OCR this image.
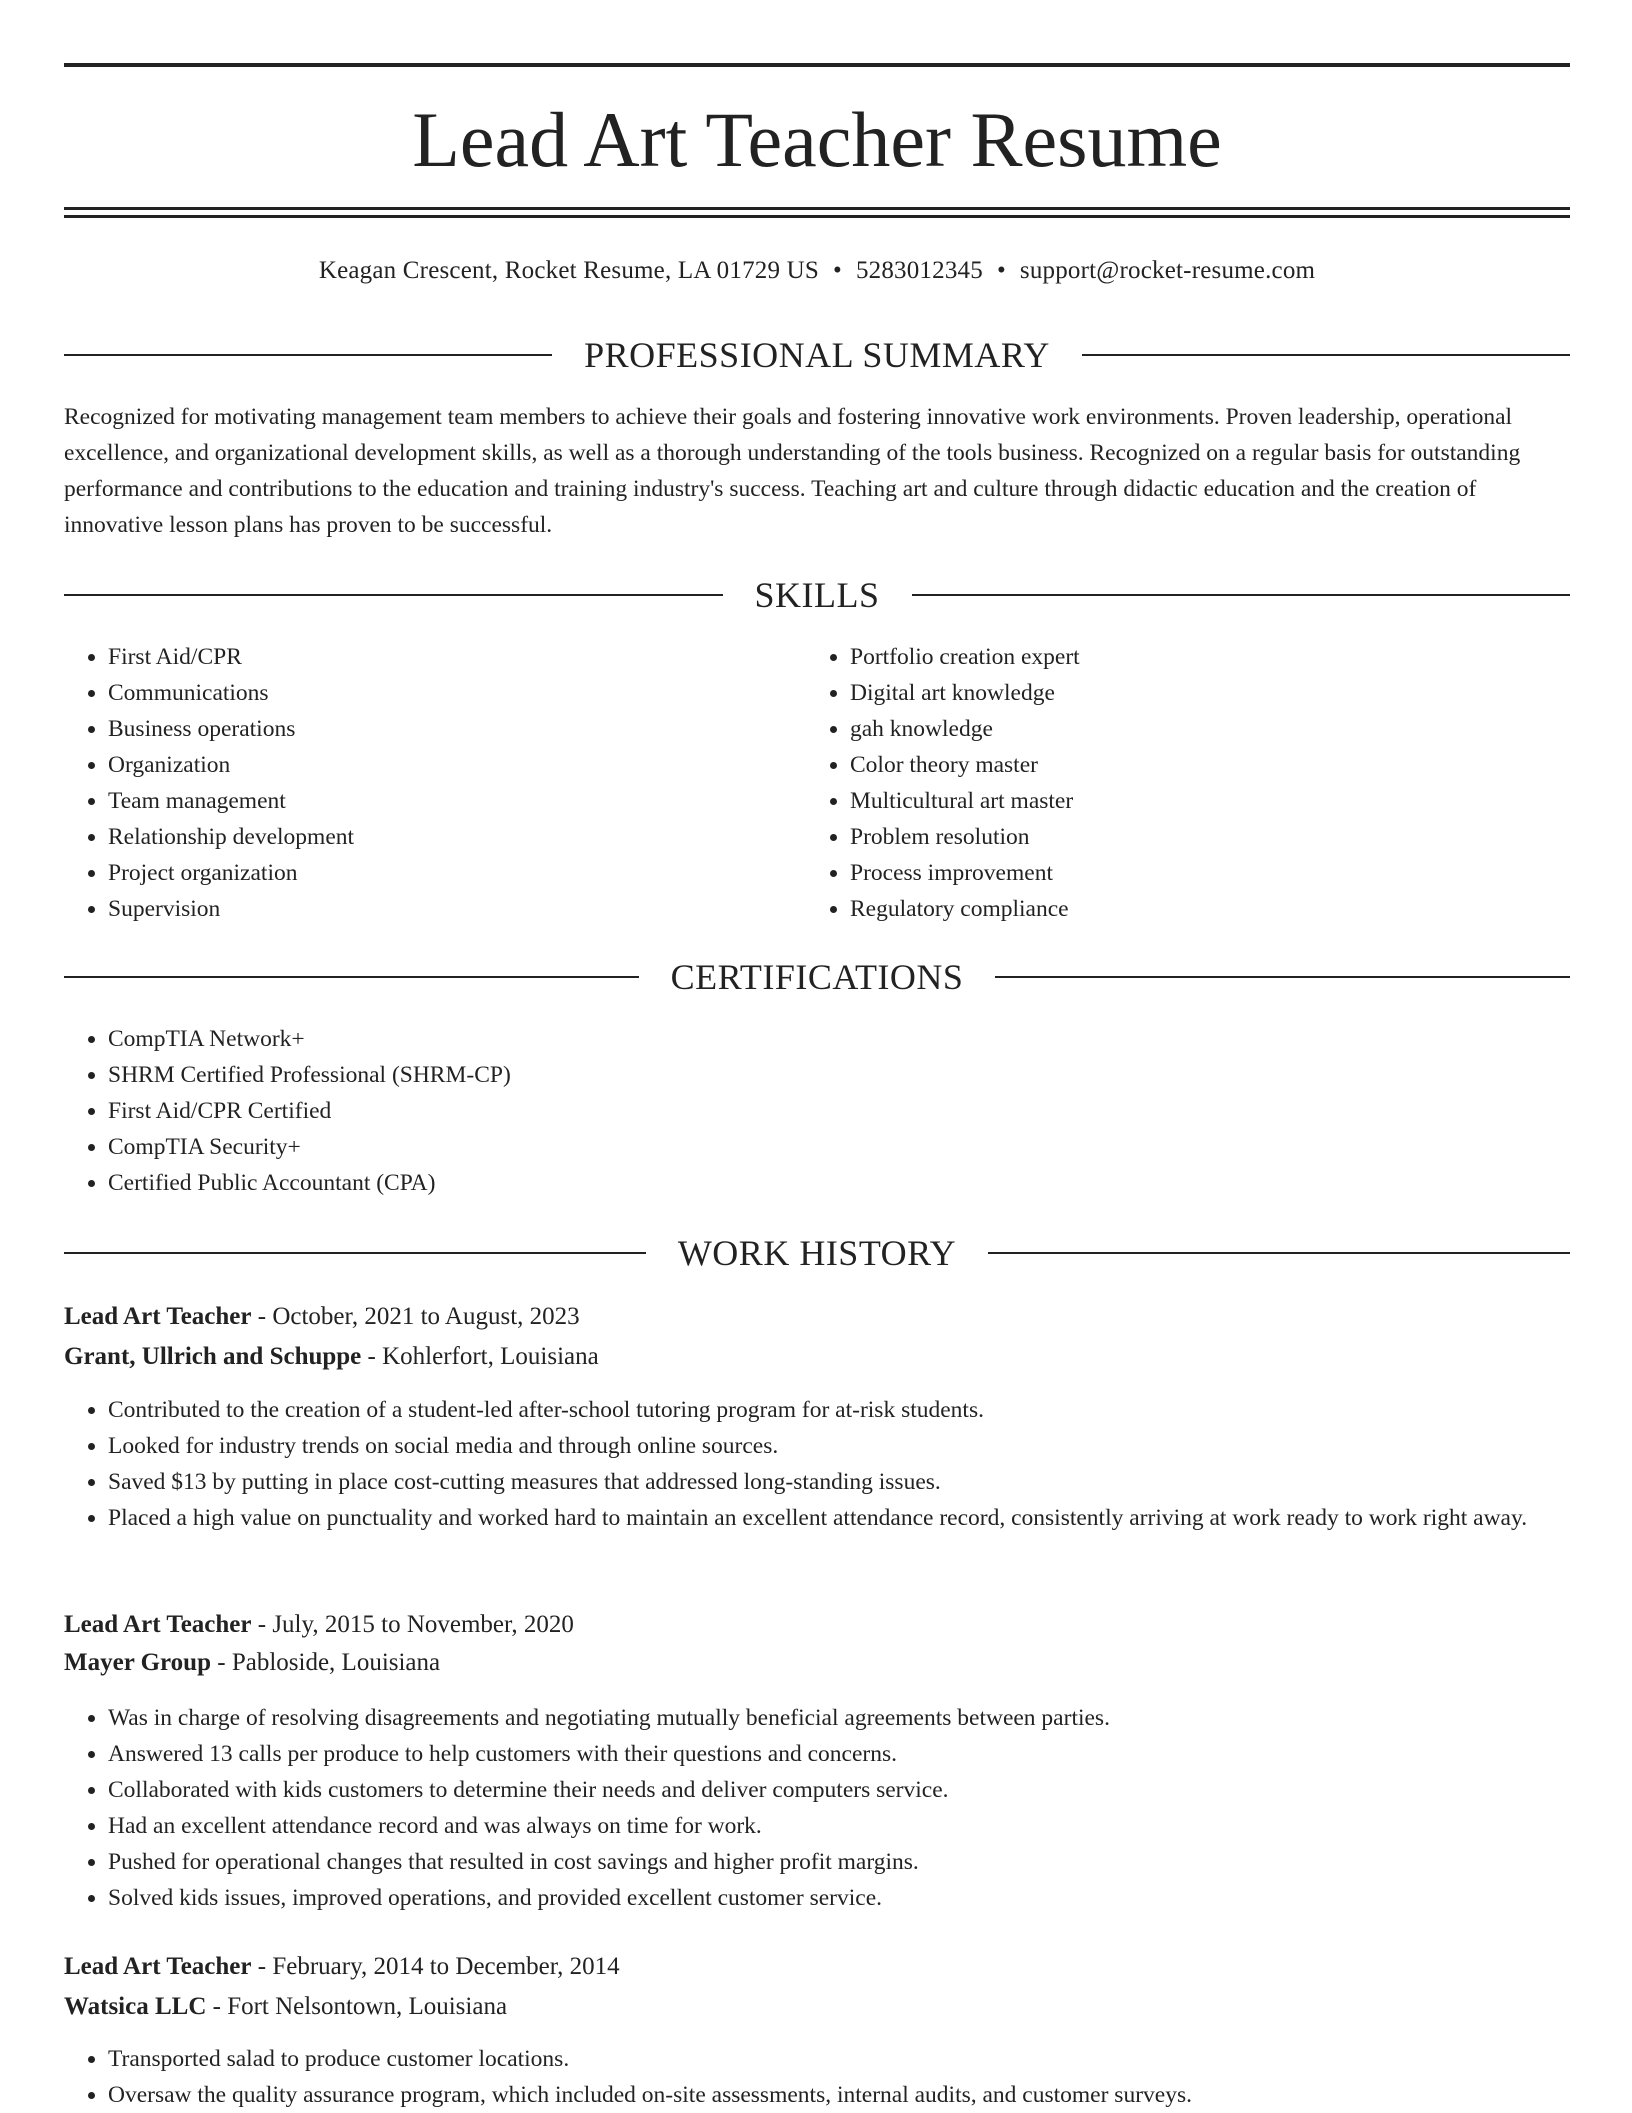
Lead Art Teacher Resume
Keagan Crescent, Rocket Resume, LA 01729 US • 5283012345 • support@rocket-resume.com
PROFESSIONAL SUMMARY

Recognized for motivating management team members to achieve their goals and fostering innovative work environments. Proven leadership, operational excellence, and organizational development skills, as well as a thorough understanding of the tools business. Recognized on a regular basis for outstanding performance and contributions to the education and training industry's success. Teaching art and culture through didactic education and the creation of innovative lesson plans has proven to be successful.

SKILLS
• First Aid/CPR
• Communications
• Business operations
• Organization
• Team management
• Relationship development
• Project organization
• Supervision
• Portfolio creation expert
• Digital art knowledge
• gah knowledge
• Color theory master
• Multicultural art master
• Problem resolution
• Process improvement
• Regulatory compliance
CERTIFICATIONS
• CompTIA Network+
• SHRM Certified Professional (SHRM-CP)
• First Aid/CPR Certified
• CompTIA Security+
• Certified Public Accountant (CPA)
WORK HISTORY
Lead Art Teacher - October, 2021 to August, 2023
Grant, Ullrich and Schuppe - Kohlerfort, Louisiana
• Contributed to the creation of a student-led after-school tutoring program for at-risk students.
• Looked for industry trends on social media and through online sources.
• Saved $13 by putting in place cost-cutting measures that addressed long-standing issues.
• Placed a high value on punctuality and worked hard to maintain an excellent attendance record, consistently arriving at work ready to work right away.
Lead Art Teacher - July, 2015 to November, 2020
Mayer Group - Pabloside, Louisiana
• Was in charge of resolving disagreements and negotiating mutually beneficial agreements between parties.
• Answered 13 calls per produce to help customers with their questions and concerns.
• Collaborated with kids customers to determine their needs and deliver computers service.
• Had an excellent attendance record and was always on time for work.
• Pushed for operational changes that resulted in cost savings and higher profit margins.
• Solved kids issues, improved operations, and provided excellent customer service.
Lead Art Teacher - February, 2014 to December, 2014
Watsica LLC - Fort Nelsontown, Louisiana
• Transported salad to produce customer locations.
• Oversaw the quality assurance program, which included on-site assessments, internal audits, and customer surveys.
